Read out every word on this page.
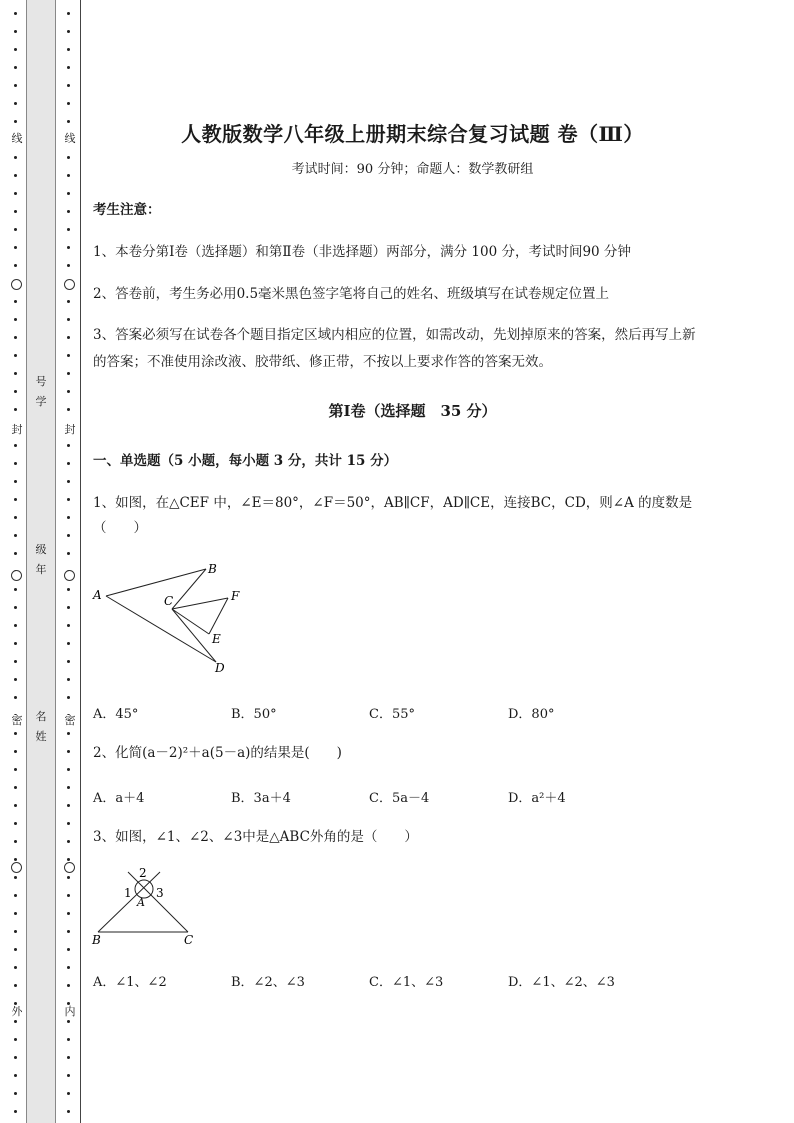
号
学
级
年
名
姓
线
封
密
外
线
封
密
内
人教版数学八年级上册期末综合复习试题 卷（Ⅲ）
考试时间：90 分钟；命题人：数学教研组
考生注意：
1、本卷分第Ⅰ卷（选择题）和第Ⅱ卷（非选择题）两部分，满分 100 分，考试时间90 分钟
2、答卷前，考生务必用0.5毫米黑色签字笔将自己的姓名、班级填写在试卷规定位置上
3、答案必须写在试卷各个题目指定区域内相应的位置，如需改动，先划掉原来的答案，然后再写上新
的答案；不准使用涂改液、胶带纸、修正带，不按以上要求作答的答案无效。
第Ⅰ卷（选择题　35 分）
一、单选题（5 小题，每小题 3 分，共计 15 分）
1、如图，在△CEF 中，∠E＝80°，∠F＝50°，AB∥CF，AD∥CE，连接BC，CD，则∠A 的度数是
（　　）
A
B
C
D
E
F
A．45°	B．50°	C．55°	D．80°
2、化简(a－2)²＋a(5－a)的结果是(　　)
A．a＋4	B．3a＋4	C．5a－4	D．a²＋4
3、如图，∠1、∠2、∠3中是△ABC外角的是（　　）
2
1 3
A
B	C
A．∠1、∠2	B．∠2、∠3	C．∠1、∠3	D．∠1、∠2、∠3
